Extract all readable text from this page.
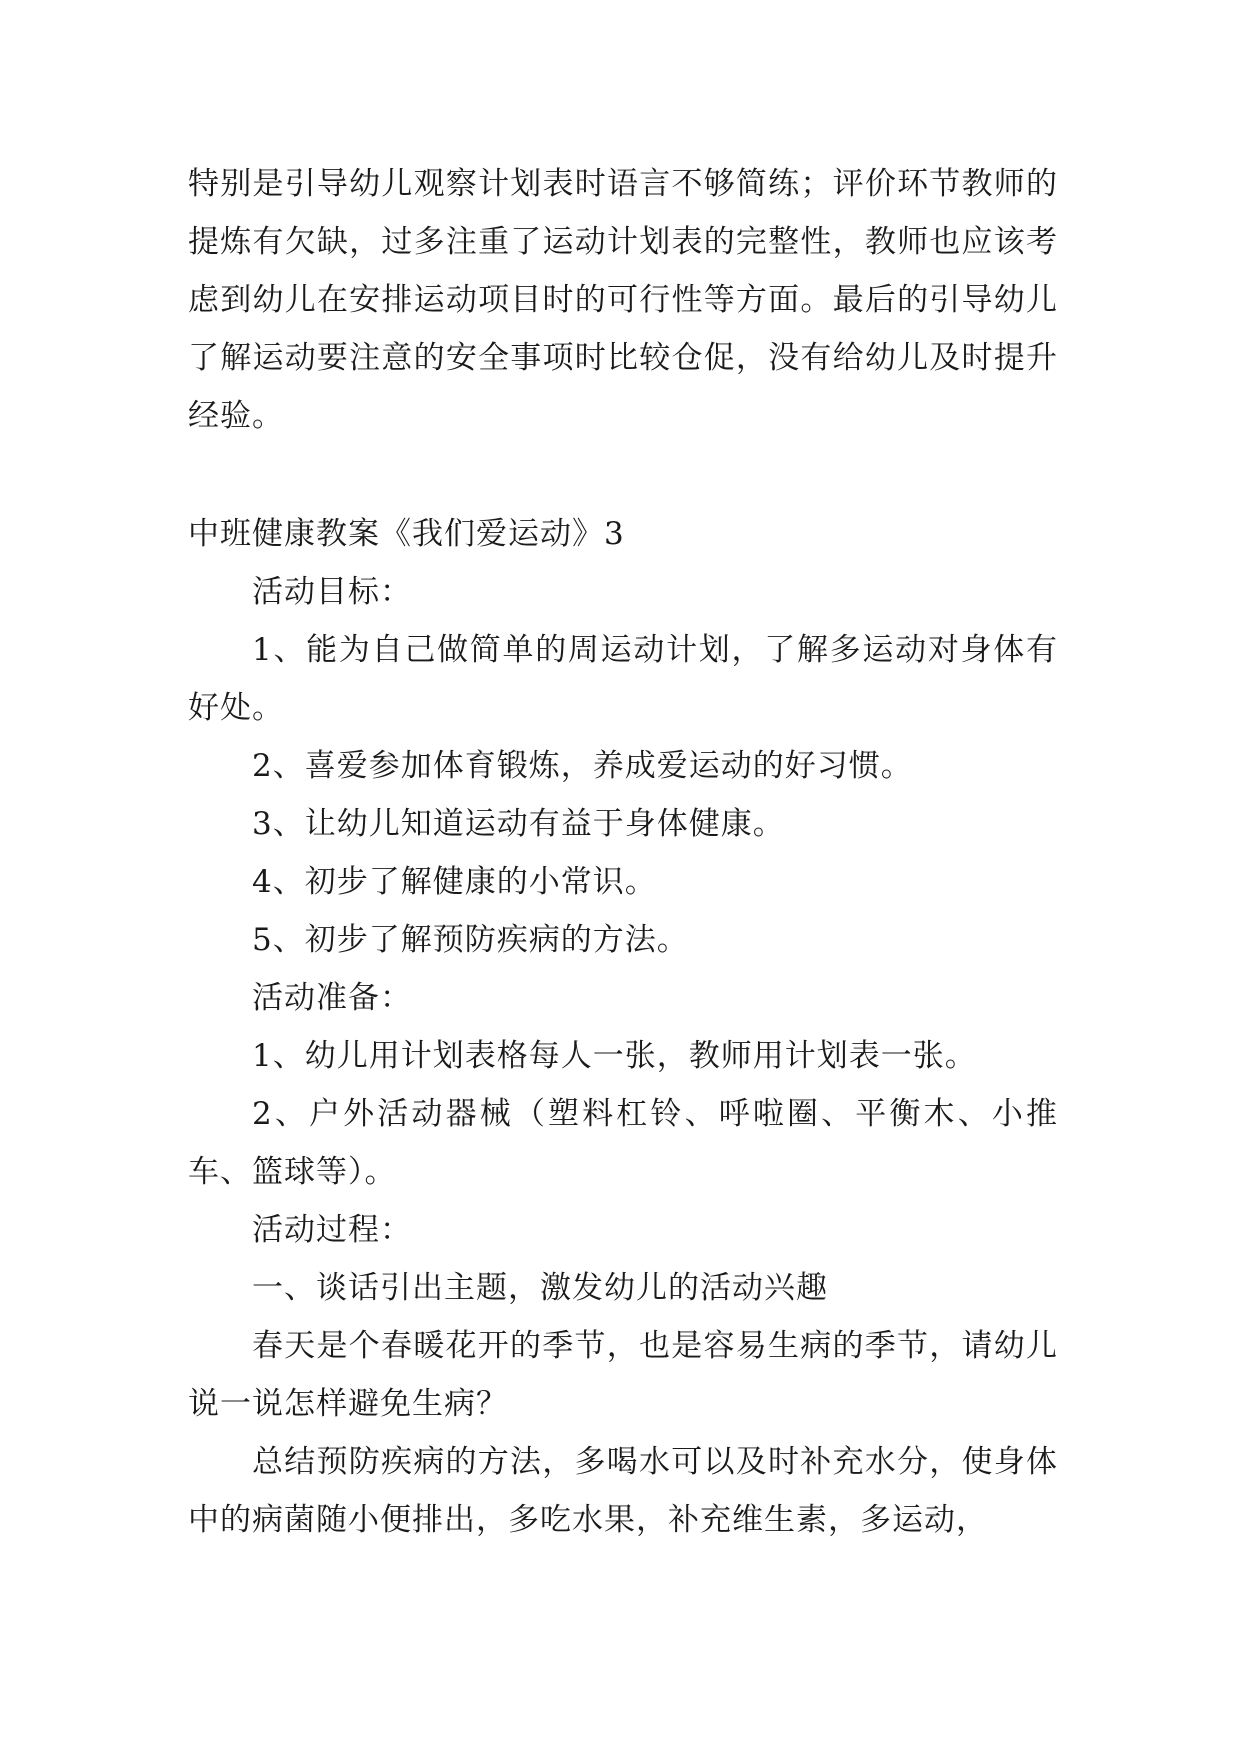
特别是引导幼儿观察计划表时语言不够简练；评价环节教师的提炼有欠缺，过多注重了运动计划表的完整性，教师也应该考虑到幼儿在安排运动项目时的可行性等方面。最后的引导幼儿了解运动要注意的安全事项时比较仓促，没有给幼儿及时提升经验。

中班健康教案《我们爱运动》3

活动目标：

1、能为自己做简单的周运动计划，了解多运动对身体有好处。

2、喜爱参加体育锻炼，养成爱运动的好习惯。

3、让幼儿知道运动有益于身体健康。

4、初步了解健康的小常识。

5、初步了解预防疾病的方法。

活动准备：

1、幼儿用计划表格每人一张，教师用计划表一张。

2、户外活动器械（塑料杠铃、呼啦圈、平衡木、小推车、篮球等）。

活动过程：

一、谈话引出主题，激发幼儿的活动兴趣

春天是个春暖花开的季节，也是容易生病的季节，请幼儿说一说怎样避免生病？

总结预防疾病的方法，多喝水可以及时补充水分，使身体中的病菌随小便排出，多吃水果，补充维生素，多运动，
